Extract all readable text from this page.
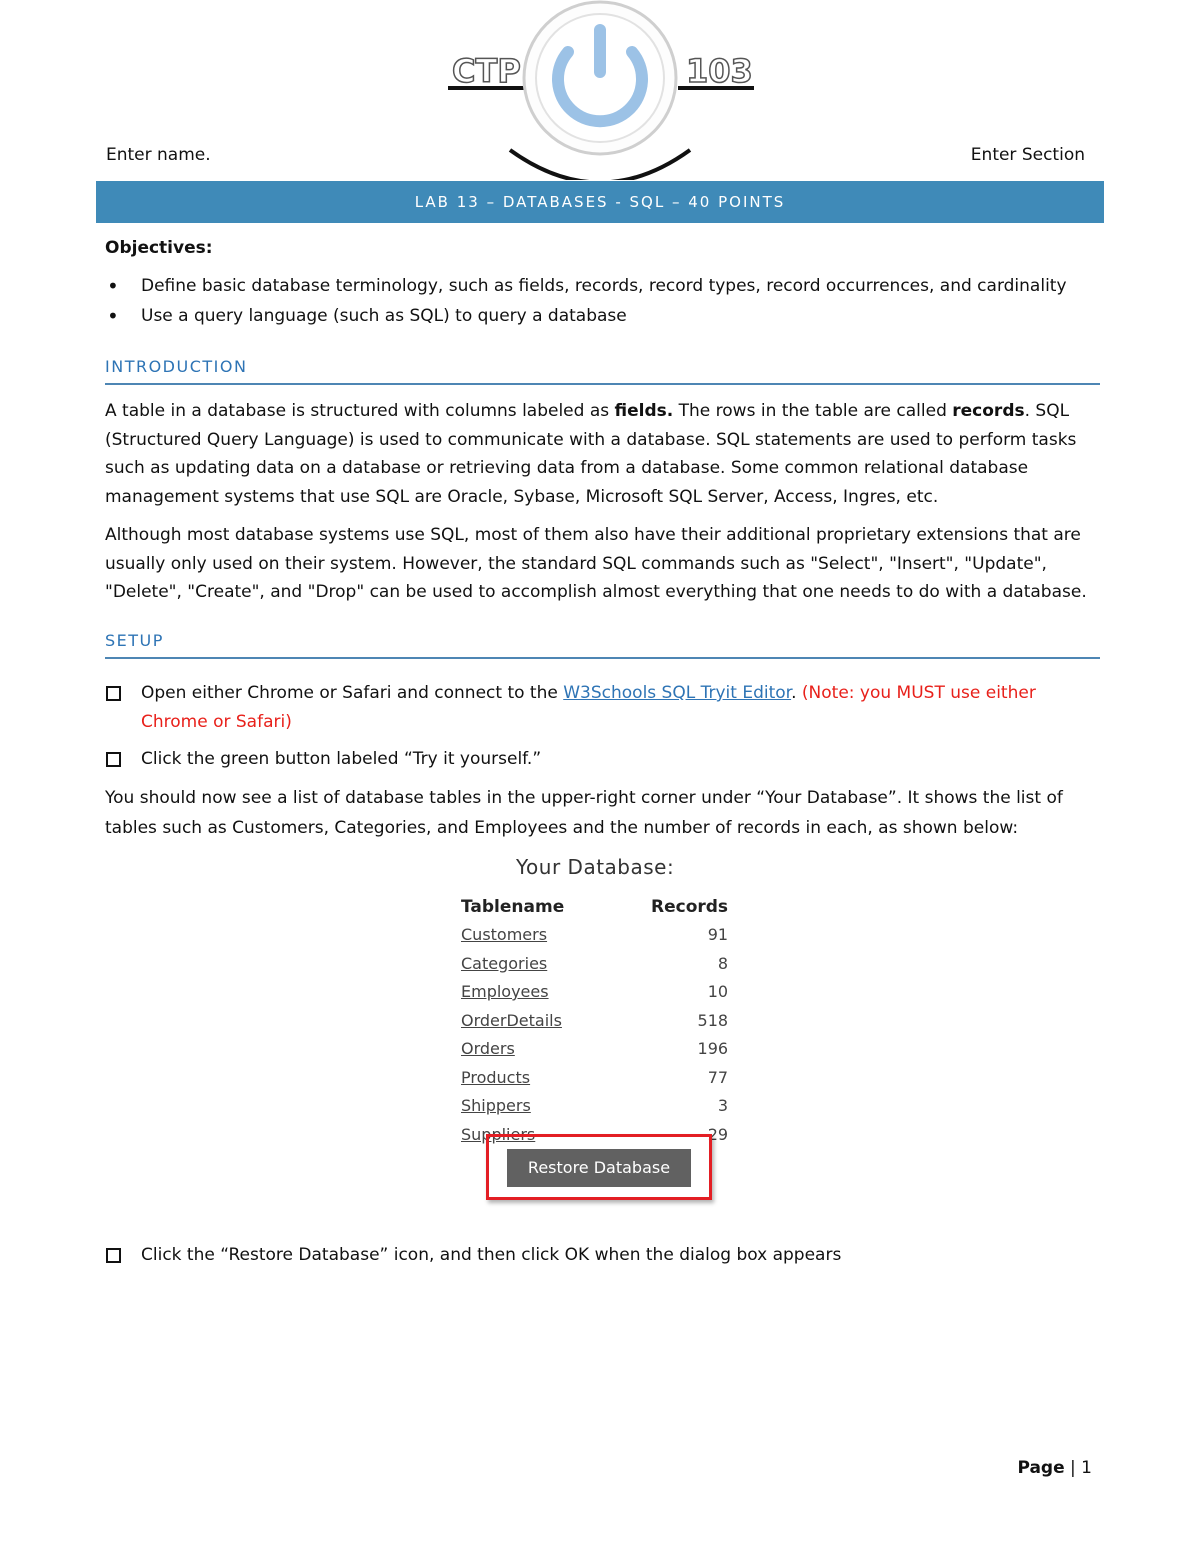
CTP	103
Enter name.	Enter Section
LAB 13 – DATABASES - SQL – 40 POINTS

Objectives:

• Define basic database terminology, such as fields, records, record types, record occurrences, and cardinality
• Use a query language (such as SQL) to query a database
INTRODUCTION

A table in a database is structured with columns labeled as fields. The rows in the table are called records. SQL (Structured Query Language) is used to communicate with a database. SQL statements are used to perform tasks such as updating data on a database or retrieving data from a database. Some common relational database management systems that use SQL are Oracle, Sybase, Microsoft SQL Server, Access, Ingres, etc.

Although most database systems use SQL, most of them also have their additional proprietary extensions that are usually only used on their system. However, the standard SQL commands such as "Select", "Insert", "Update", "Delete", "Create", and "Drop" can be used to accomplish almost everything that one needs to do with a database.

SETUP
Open either Chrome or Safari and connect to the W3Schools SQL Tryit Editor. (Note: you MUST use either Chrome or Safari)
Click the green button labeled “Try it yourself.”

You should now see a list of database tables in the upper-right corner under “Your Database”. It shows the list of tables such as Customers, Categories, and Employees and the number of records in each, as shown below:

Your Database:
Tablename	Records
Customers	91
Categories	8
Employees	10
OrderDetails	518
Orders	196
Products	77
Shippers	3
Suppliers	29
Restore Database
Click the “Restore Database” icon, and then click OK when the dialog box appears
Page | 1
